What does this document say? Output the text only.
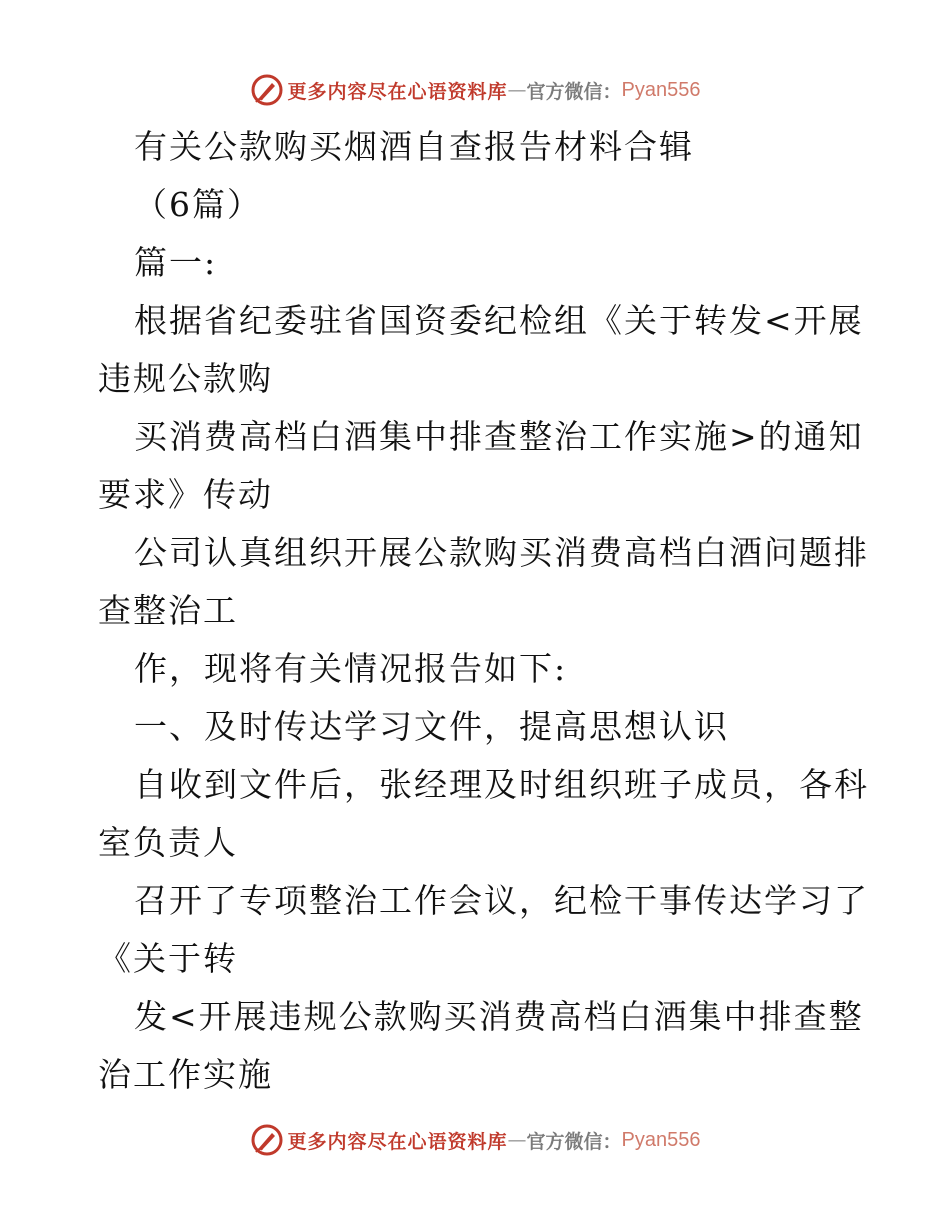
更多内容尽在心语资料库 — 官方微信： Pyan556
有关公款购买烟酒自查报告材料合辑
（6篇）
篇一:
根据省纪委驻省国资委纪检组《关于转发<开展
违规公款购
买消费高档白酒集中排查整治工作实施>的通知
要求》传动
公司认真组织开展公款购买消费高档白酒问题排
查整治工
作，现将有关情况报告如下:
一、及时传达学习文件，提高思想认识
自收到文件后，张经理及时组织班子成员，各科
室负责人
召开了专项整治工作会议，纪检干事传达学习了
《关于转
发<开展违规公款购买消费高档白酒集中排查整
治工作实施
更多内容尽在心语资料库 — 官方微信： Pyan556
